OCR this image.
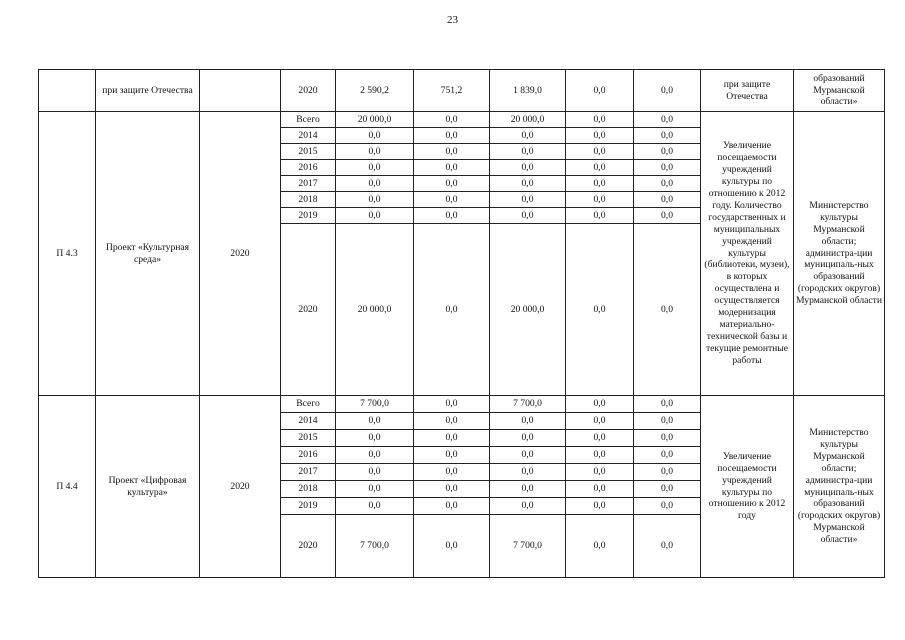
23
	при защите Отечества		2020	2 590,2	751,2	1 839,0	0,0	0,0	при защите Отечества	образований Мурманской области»
П 4.3	Проект «Культурная среда»	2020	Всего	20 000,0	0,0	20 000,0	0,0	0,0	Увеличение посещаемости учреждений культуры по отношению к 2012 году. Количество государственных и муниципальных учреждений культуры (библиотеки, музеи), в которых осуществлена и осуществляется модернизация материально-технической базы и текущие ремонтные работы	Министерство культуры Мурманской области; администра-ции муниципаль-ных образований (городских округов) Мурманской области
			2014	0,0	0,0	0,0	0,0	0,0		
			2015	0,0	0,0	0,0	0,0	0,0		
			2016	0,0	0,0	0,0	0,0	0,0		
			2017	0,0	0,0	0,0	0,0	0,0		
			2018	0,0	0,0	0,0	0,0	0,0		
			2019	0,0	0,0	0,0	0,0	0,0		
			2020	20 000,0	0,0	20 000,0	0,0	0,0		
П 4.4	Проект «Цифровая культура»	2020	Всего	7 700,0	0,0	7 700,0	0,0	0,0	Увеличение посещаемости учреждений культуры по отношению к 2012 году	Министерство культуры Мурманской области; администра-ции муниципаль-ных образований (городских округов) Мурманской области»
			2014	0,0	0,0	0,0	0,0	0,0		
			2015	0,0	0,0	0,0	0,0	0,0		
			2016	0,0	0,0	0,0	0,0	0,0		
			2017	0,0	0,0	0,0	0,0	0,0		
			2018	0,0	0,0	0,0	0,0	0,0		
			2019	0,0	0,0	0,0	0,0	0,0		
			2020	7 700,0	0,0	7 700,0	0,0	0,0		
